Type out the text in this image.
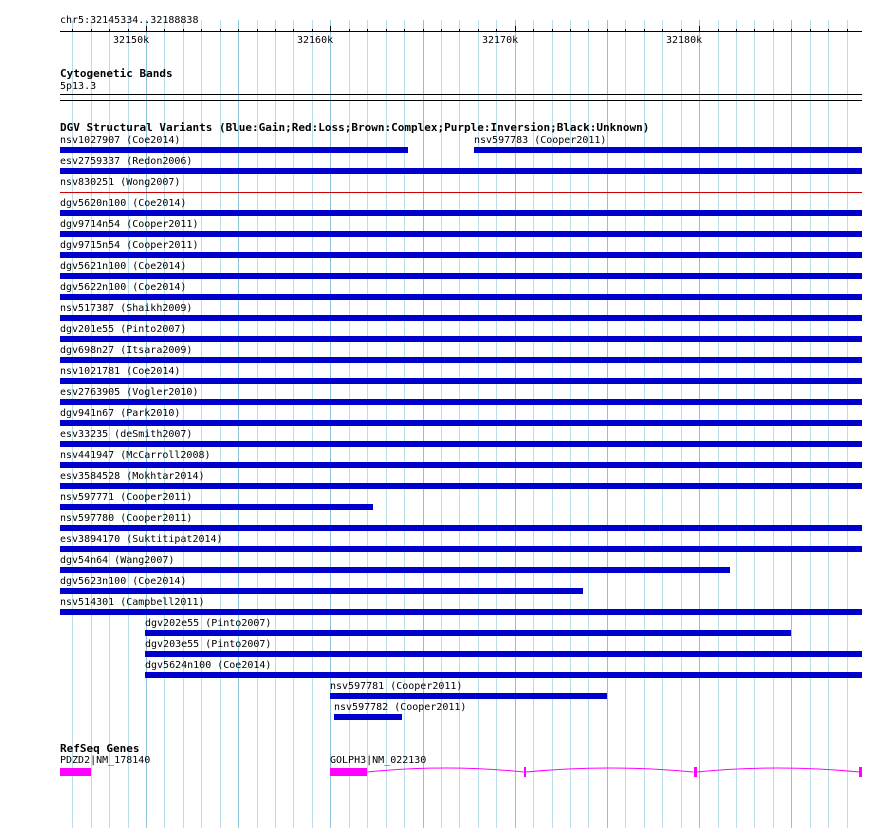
chr5:32145334..32188838
32150k	32160k	32170k	32180k
Cytogenetic Bands
5p13.3
DGV Structural Variants (Blue:Gain;Red:Loss;Brown:Complex;Purple:Inversion;Black:Unknown)
nsv1027907 (Coe2014)	nsv597783 (Cooper2011)
esv2759337 (Redon2006)
nsv830251 (Wong2007)
dgv5620n100 (Coe2014)
dgv9714n54 (Cooper2011)
dgv9715n54 (Cooper2011)
dgv5621n100 (Coe2014)
dgv5622n100 (Coe2014)
nsv517387 (Shaikh2009)
dgv201e55 (Pinto2007)
dgv698n27 (Itsara2009)
nsv1021781 (Coe2014)
esv2763905 (Vogler2010)
dgv941n67 (Park2010)
esv33235 (deSmith2007)
nsv441947 (McCarroll2008)
esv3584528 (Mokhtar2014)
nsv597771 (Cooper2011)
nsv597780 (Cooper2011)
esv3894170 (Suktitipat2014)
dgv54n64 (Wang2007)
dgv5623n100 (Coe2014)
nsv514301 (Campbell2011)
dgv202e55 (Pinto2007)
dgv203e55 (Pinto2007)
dgv5624n100 (Coe2014)
nsv597781 (Cooper2011)
nsv597782 (Cooper2011)
RefSeq Genes
PDZD2|NM_178140	GOLPH3|NM_022130
